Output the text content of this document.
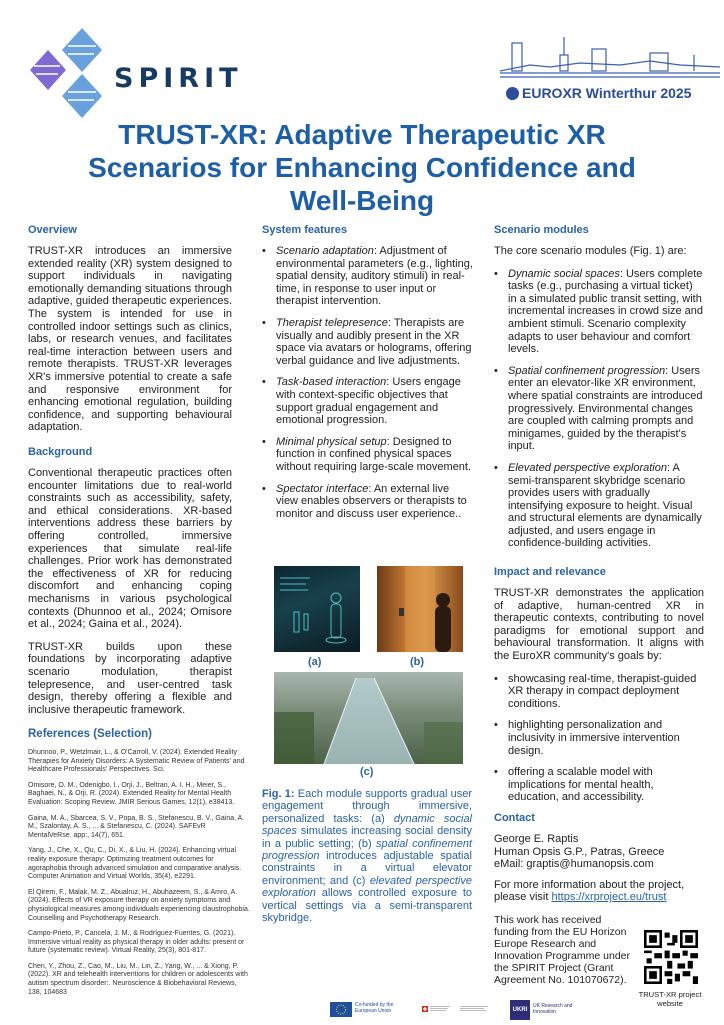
SPIRIT	EUROXR Winterthur 2025
TRUST-XR: Adaptive Therapeutic XR Scenarios for Enhancing Confidence and Well-Being
Overview

TRUST-XR introduces an immersive extended reality (XR) system designed to support individuals in navigating emotionally demanding situations through adaptive, guided therapeutic experiences. The system is intended for use in controlled indoor settings such as clinics, labs, or research venues, and facilitates real-time interaction between users and remote therapists. TRUST-XR leverages XR's immersive potential to create a safe and responsive environment for enhancing emotional regulation, building confidence, and supporting behavioural adaptation.

Background

Conventional therapeutic practices often encounter limitations due to real-world constraints such as accessibility, safety, and ethical considerations. XR-based interventions address these barriers by offering controlled, immersive experiences that simulate real-life challenges. Prior work has demonstrated the effectiveness of XR for reducing discomfort and enhancing coping mechanisms in various psychological contexts (Dhunnoo et al., 2024; Omisore et al., 2024; Gaina et al., 2024).

TRUST-XR builds upon these foundations by incorporating adaptive scenario modulation, therapist telepresence, and user-centred task design, thereby offering a flexible and inclusive therapeutic framework.

References (Selection)
Dhunnoo, P., Wetzlmair, L., & O'Carroll, V. (2024). Extended Reality Therapies for Anxiety Disorders: A Systematic Review of Patients' and Healthcare Professionals' Perspectives. Sci.
Omisore, O. M., Odenigbo, I., Orji, J., Beltran, A. I. H., Meier, S., Baghaei, N., & Orji, R. (2024). Extended Reality for Mental Health Evaluation: Scoping Review. JMIR Serious Games, 12(1), e38413.
Gaina, M. A., Sbarcea, S. V., Popa, B. S., Stefanescu, B. V., Gaina, A. M., Szalontay, A. S., ... & Stefanescu, C. (2024). SAFEvR MentalVeRse. app:, 14(7), 651.
Yang, J., Che, X., Qu, C., Di, X., & Liu, H. (2024). Enhancing virtual reality exposure therapy: Optimizing treatment outcomes for agoraphobia through advanced simulation and comparative analysis. Computer Animation and Virtual Worlds, 35(4), e2291.
El Qirem, F., Malak, M. Z., Abualruz, H., Abuhazeem, S., & Amro, A. (2024). Effects of VR exposure therapy on anxiety symptoms and physiological measures among individuals experiencing claustrophobia. Counselling and Psychotherapy Research.
Campo-Prieto, P., Cancela, J. M., & Rodríguez-Fuentes, G. (2021). Immersive virtual reality as physical therapy in older adults: present or future (systematic review). Virtual Reality, 25(3), 801-817.
Chen, Y., Zhou, Z., Cao, M., Liu, M., Lin, Z., Yang, W., ... & Xiong, P. (2022). XR and telehealth interventions for children or adolescents with autism spectrum disorder:. Neuroscience & Biobehavioral Reviews, 138, 104683
System features
• Scenario adaptation: Adjustment of environmental parameters (e.g., lighting, spatial density, auditory stimuli) in real-time, in response to user input or therapist intervention.
• Therapist telepresence: Therapists are visually and audibly present in the XR space via avatars or holograms, offering verbal guidance and live adjustments.
• Task-based interaction: Users engage with context-specific objectives that support gradual engagement and emotional progression.
• Minimal physical setup: Designed to function in confined physical spaces without requiring large-scale movement.
• Spectator interface: An external live view enables observers or therapists to monitor and discuss user experience..
(a)	(b)
(c)
Fig. 1: Each module supports gradual user engagement through immersive, personalized tasks: (a) dynamic social spaces simulates increasing social density in a public setting; (b) spatial confinement progression introduces adjustable spatial constraints in a virtual elevator environment; and (c) elevated perspective exploration allows controlled exposure to vertical settings via a semi-transparent skybridge.
Scenario modules

The core scenario modules (Fig. 1) are:

• Dynamic social spaces: Users complete tasks (e.g., purchasing a virtual ticket) in a simulated public transit setting, with incremental increases in crowd size and ambient stimuli. Scenario complexity adapts to user behaviour and comfort levels.
• Spatial confinement progression: Users enter an elevator-like XR environment, where spatial constraints are introduced progressively. Environmental changes are coupled with calming prompts and minigames, guided by the therapist's input.
• Elevated perspective exploration: A semi-transparent skybridge scenario provides users with gradually intensifying exposure to height. Visual and structural elements are dynamically adjusted, and users engage in confidence-building activities.
Impact and relevance

TRUST-XR demonstrates the application of adaptive, human-centred XR in therapeutic contexts, contributing to novel paradigms for emotional support and behavioural transformation. It aligns with the EuroXR community's goals by:

• showcasing real-time, therapist-guided XR therapy in compact deployment conditions.
• highlighting personalization and inclusivity in immersive intervention design.
• offering a scalable model with implications for mental health, education, and accessibility.
Contact
George E. Raptis
Human Opsis G.P., Patras, Greece
eMail: graptis@humanopsis.com
For more information about the project, please visit https://xrproject.eu/trust
This work has received funding from the EU Horizon Europe Research and Innovation Programme under the SPIRIT Project (Grant Agreement No. 101070672).
TRUST-XR project website
Co-funded by the European Union	UKRI
UK Research and Innovation
